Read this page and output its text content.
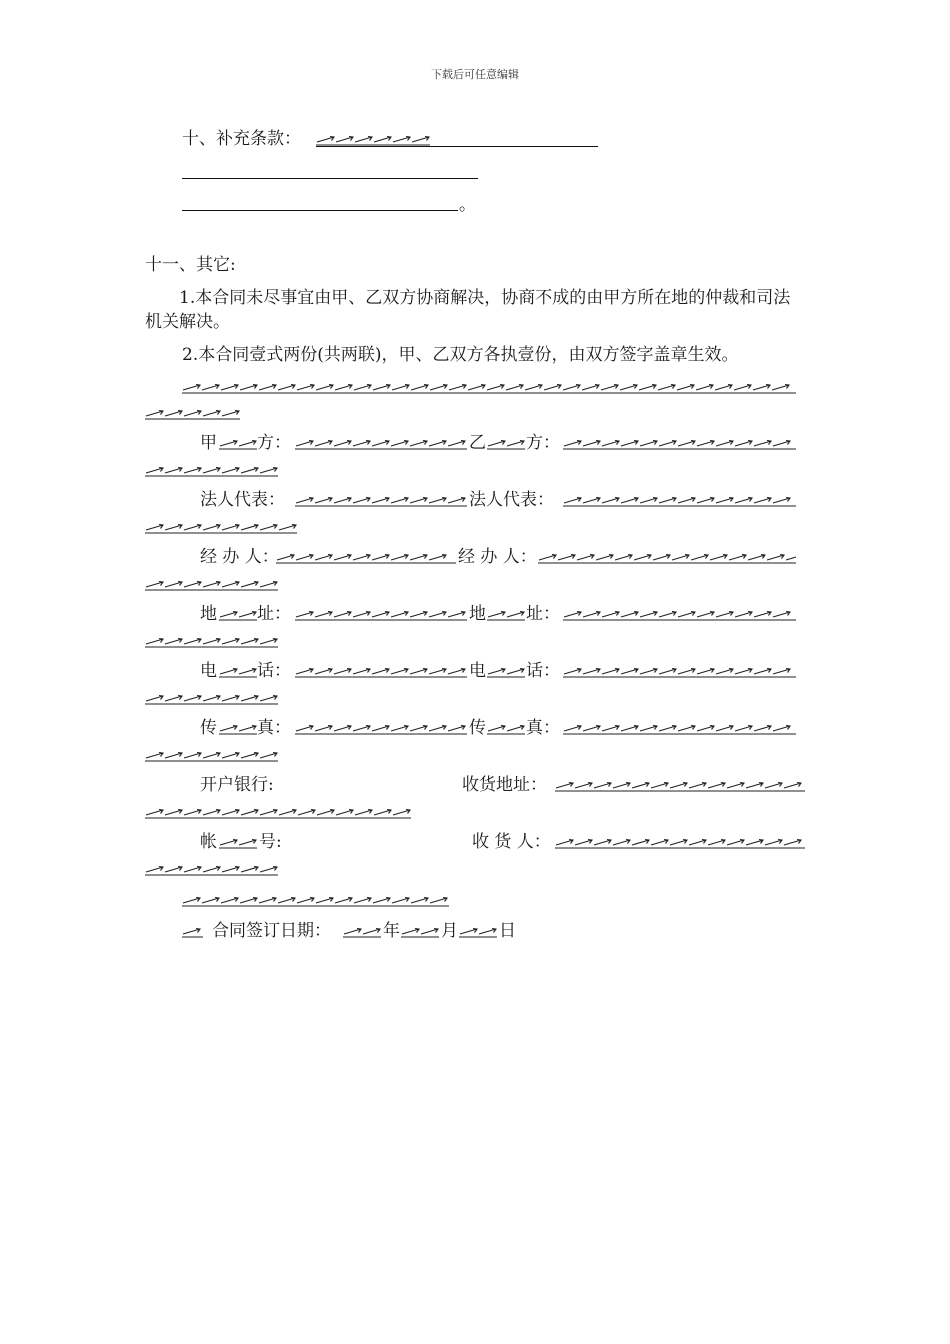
下载后可任意编辑
十、补充条款：
。
十一、其它:
1.本合同未尽事宜由甲、乙双方协商解决，协商不成的由甲方所在地的仲裁和司法机关解决。
2.本合同壹式两份(共两联)，甲、乙双方各执壹份，由双方签字盖章生效。
甲 方：	乙 方：
法人代表：	法人代表：
经 办 人：	经 办 人：
地 址：	地 址：
电 话：	电 话：
传 真：	传 真：
开户银行:	收货地址：
帐 号:	收 货 人：
合同签订日期：	年 月 日
